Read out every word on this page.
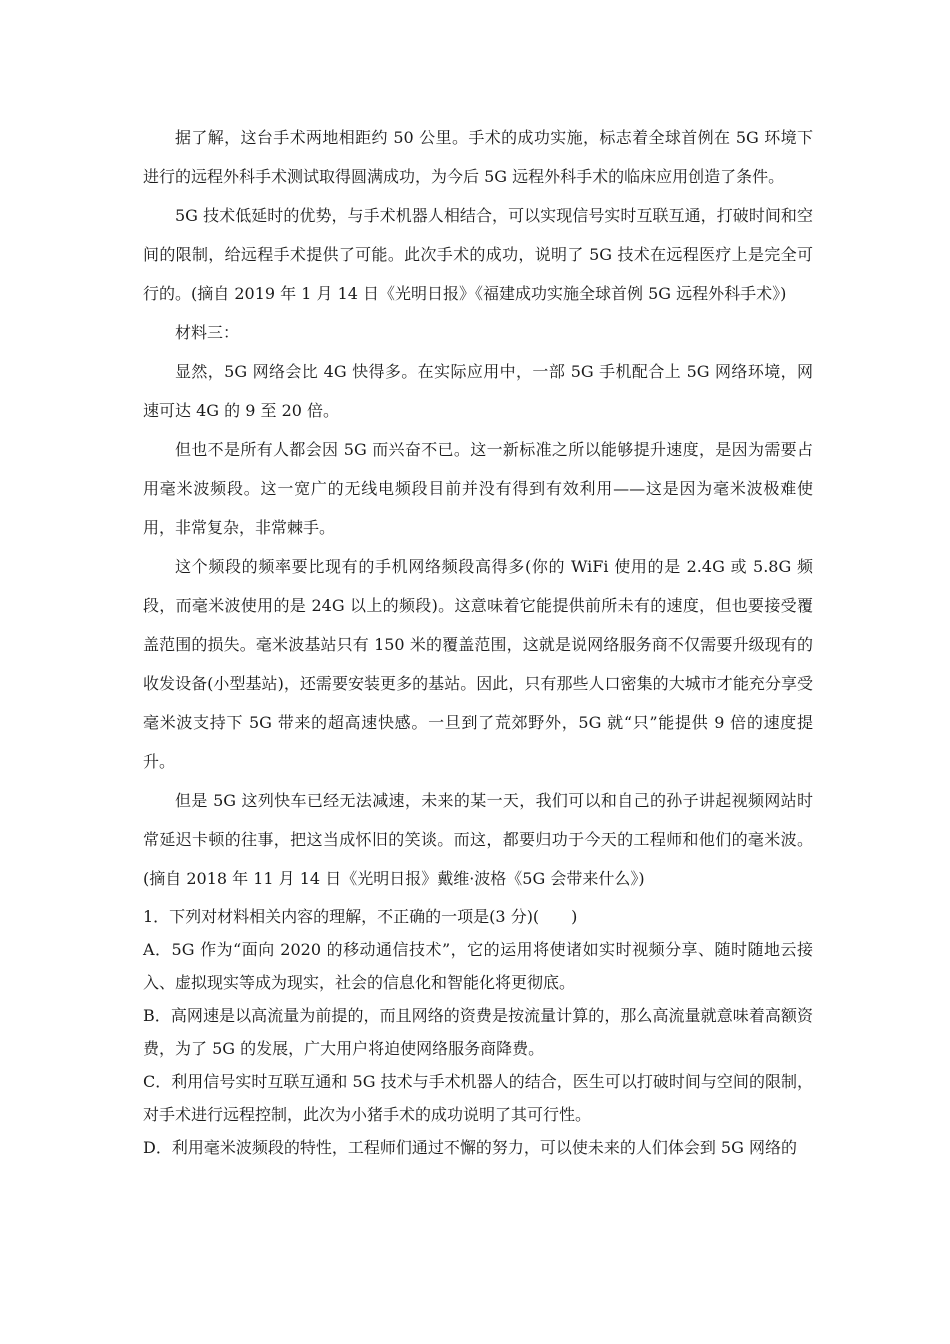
据了解，这台手术两地相距约 50 公里。手术的成功实施，标志着全球首例在 5G 环境下进行的远程外科手术测试取得圆满成功，为今后 5G 远程外科手术的临床应用创造了条件。

5G 技术低延时的优势，与手术机器人相结合，可以实现信号实时互联互通，打破时间和空间的限制，给远程手术提供了可能。此次手术的成功，说明了 5G 技术在远程医疗上是完全可行的。(摘自 2019 年 1 月 14 日《光明日报》《福建成功实施全球首例 5G 远程外科手术》)

材料三：

显然，5G 网络会比 4G 快得多。在实际应用中，一部 5G 手机配合上 5G 网络环境，网速可达 4G 的 9 至 20 倍。

但也不是所有人都会因 5G 而兴奋不已。这一新标准之所以能够提升速度，是因为需要占用毫米波频段。这一宽广的无线电频段目前并没有得到有效利用——这是因为毫米波极难使用，非常复杂，非常棘手。

这个频段的频率要比现有的手机网络频段高得多(你的 WiFi 使用的是 2.4G 或 5.8G 频段，而毫米波使用的是 24G 以上的频段)。这意味着它能提供前所未有的速度，但也要接受覆盖范围的损失。毫米波基站只有 150 米的覆盖范围，这就是说网络服务商不仅需要升级现有的收发设备(小型基站)，还需要安装更多的基站。因此，只有那些人口密集的大城市才能充分享受毫米波支持下 5G 带来的超高速快感。一旦到了荒郊野外，5G 就“只”能提供 9 倍的速度提升。

但是 5G 这列快车已经无法减速，未来的某一天，我们可以和自己的孙子讲起视频网站时常延迟卡顿的往事，把这当成怀旧的笑谈。而这，都要归功于今天的工程师和他们的毫米波。(摘自 2018 年 11 月 14 日《光明日报》戴维·波格《5G 会带来什么》)

1．下列对材料相关内容的理解，不正确的一项是(3 分)(　　)

A．5G 作为“面向 2020 的移动通信技术”，它的运用将使诸如实时视频分享、随时随地云接入、虚拟现实等成为现实，社会的信息化和智能化将更彻底。

B．高网速是以高流量为前提的，而且网络的资费是按流量计算的，那么高流量就意味着高额资费，为了 5G 的发展，广大用户将迫使网络服务商降费。

C．利用信号实时互联互通和 5G 技术与手术机器人的结合，医生可以打破时间与空间的限制，对手术进行远程控制，此次为小猪手术的成功说明了其可行性。

D．利用毫米波频段的特性，工程师们通过不懈的努力，可以使未来的人们体会到 5G 网络的
